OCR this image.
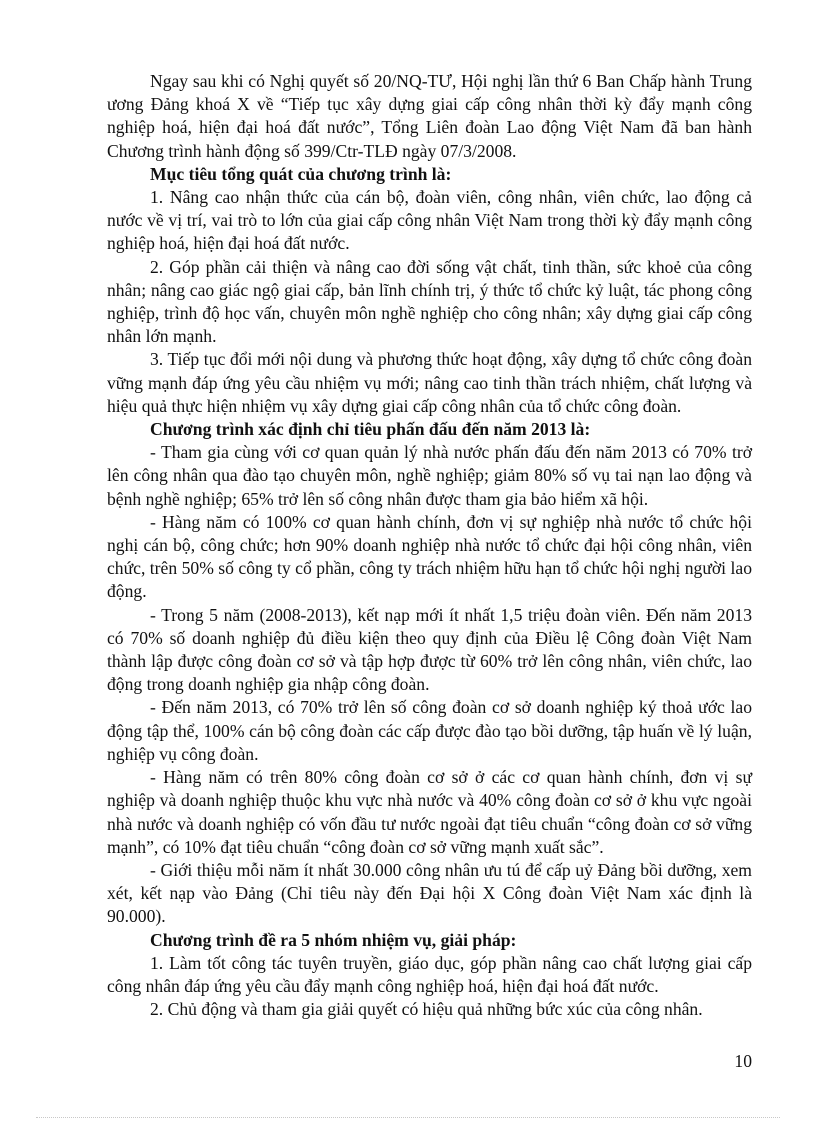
Ngay sau khi có Nghị quyết số 20/NQ-TƯ, Hội nghị lần thứ 6 Ban Chấp hành Trung ương Đảng khoá X về “Tiếp tục xây dựng giai cấp công nhân thời kỳ đẩy mạnh công nghiệp hoá, hiện đại hoá đất nước”, Tổng Liên đoàn Lao động Việt Nam đã ban hành Chương trình hành động số 399/Ctr-TLĐ ngày 07/3/2008.

Mục tiêu tổng quát của chương trình là:

1. Nâng cao nhận thức của cán bộ, đoàn viên, công nhân, viên chức, lao động cả nước về vị trí, vai trò to lớn của giai cấp công nhân Việt Nam trong thời kỳ đẩy mạnh công nghiệp hoá, hiện đại hoá đất nước.

2. Góp phần cải thiện và nâng cao đời sống vật chất, tinh thần, sức khoẻ của công nhân; nâng cao giác ngộ giai cấp, bản lĩnh chính trị, ý thức tổ chức kỷ luật, tác phong công nghiệp, trình độ học vấn, chuyên môn nghề nghiệp cho công nhân; xây dựng giai cấp công nhân lớn mạnh.

3. Tiếp tục đổi mới nội dung và phương thức hoạt động, xây dựng tổ chức công đoàn vững mạnh đáp ứng yêu cầu nhiệm vụ mới; nâng cao tinh thần trách nhiệm, chất lượng và hiệu quả thực hiện nhiệm vụ xây dựng giai cấp công nhân của tổ chức công đoàn.

Chương trình xác định chỉ tiêu phấn đấu đến năm 2013 là:

- Tham gia cùng với cơ quan quản lý nhà nước phấn đấu đến năm 2013 có 70% trở lên công nhân qua đào tạo chuyên môn, nghề nghiệp; giảm 80% số vụ tai nạn lao động và bệnh nghề nghiệp; 65% trở lên số công nhân được tham gia bảo hiểm xã hội.

- Hàng năm có 100% cơ quan hành chính, đơn vị sự nghiệp nhà nước tổ chức hội nghị cán bộ, công chức; hơn 90% doanh nghiệp nhà nước tổ chức đại hội công nhân, viên chức, trên 50% số công ty cổ phần, công ty trách nhiệm hữu hạn tổ chức hội nghị người lao động.

- Trong 5 năm (2008-2013), kết nạp mới ít nhất 1,5 triệu đoàn viên. Đến năm 2013 có 70% số doanh nghiệp đủ điều kiện theo quy định của Điều lệ Công đoàn Việt Nam thành lập được công đoàn cơ sở và tập hợp được từ 60% trở lên công nhân, viên chức, lao động trong doanh nghiệp gia nhập công đoàn.

- Đến năm 2013, có 70% trở lên số công đoàn cơ sở doanh nghiệp ký thoả ước lao động tập thể, 100% cán bộ công đoàn các cấp được đào tạo bồi dưỡng, tập huấn về lý luận, nghiệp vụ công đoàn.

- Hàng năm có trên 80% công đoàn cơ sở ở các cơ quan hành chính, đơn vị sự nghiệp và doanh nghiệp thuộc khu vực nhà nước và 40% công đoàn cơ sở ở khu vực ngoài nhà nước và doanh nghiệp có vốn đầu tư nước ngoài đạt tiêu chuẩn “công đoàn cơ sở vững mạnh”, có 10% đạt tiêu chuẩn “công đoàn cơ sở vững mạnh xuất sắc”.

- Giới thiệu mỗi năm ít nhất 30.000 công nhân ưu tú để cấp uỷ Đảng bồi dưỡng, xem xét, kết nạp vào Đảng (Chỉ tiêu này đến Đại hội X Công đoàn Việt Nam xác định là 90.000).

Chương trình đề ra 5 nhóm nhiệm vụ, giải pháp:

1. Làm tốt công tác tuyên truyền, giáo dục, góp phần nâng cao chất lượng giai cấp công nhân đáp ứng yêu cầu đẩy mạnh công nghiệp hoá, hiện đại hoá đất nước.

2. Chủ động và tham gia giải quyết có hiệu quả những bức xúc của công nhân.

10
